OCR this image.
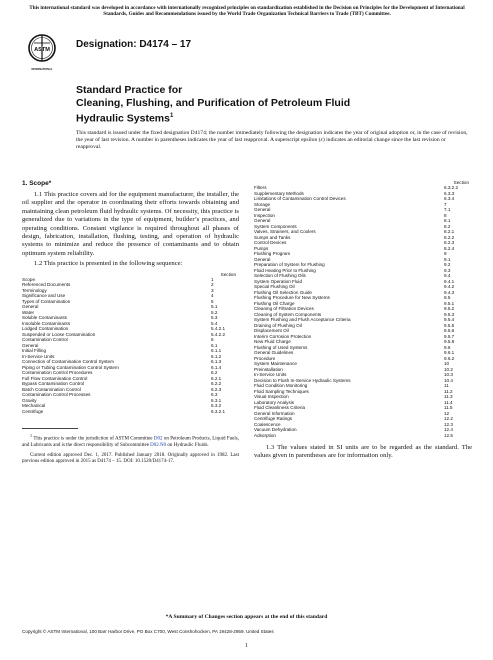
This international standard was developed in accordance with internationally recognized principles on standardization established in the Decision on Principles for the Development of International Standards, Guides and Recommendations issued by the World Trade Organization Technical Barriers to Trade (TBT) Committee.
ASTM
INTERNATIONAL
Designation: D4174 – 17
Standard Practice for
Cleaning, Flushing, and Purification of Petroleum Fluid
Hydraulic Systems$^1$
This standard is issued under the fixed designation D4174; the number immediately following the designation indicates the year of original adoption or, in the case of revision, the year of last revision. A number in parentheses indicates the year of last reapproval. A superscript epsilon (ε) indicates an editorial change since the last revision or reapproval.
1. Scope*
1.1 This practice covers aid for the equipment manufacturer, the installer, the oil supplier and the operator in coordinating their efforts towards obtaining and maintaining clean petroleum fluid hydraulic systems. Of necessity, this practice is generalized due to variations in the type of equipment, builder’s practices, and operating conditions. Constant vigilance is required throughout all phases of design, fabrication, installation, flushing, testing, and operation of hydraulic systems to minimize and reduce the presence of contaminants and to obtain optimum system reliability.
1.2 This practice is presented in the following sequence:
Section
Scope	1
Referenced Documents	2
Terminology	3
Significance and Use	4
Types of Contamination	5
General	5.1
Water	5.2
Soluble Contaminants	5.3
Insoluble Contaminants	5.4
Lodged Contamination	5.4.2.1
Suspended or Loose Contamination	5.4.2.2
Contamination Control	6
General	6.1
Initial Filling	6.1.1
In-Service Units	6.1.2
Connection of Contamination Control System	6.1.3
Piping or Tubing Contamination Control System	6.1.4
Contamination Control Procedures	6.2
Full Flow Contamination Control	6.2.1
Bypass Contamination Control	6.2.2
Batch Contamination Control	6.2.3
Contamination Control Processes	6.3
Gravity	6.3.1
Mechanical	6.3.2
Centrifuge	6.3.2.1
$^1$ This practice is under the jurisdiction of ASTM Committee D02 on Petroleum Products, Liquid Fuels, and Lubricants and is the direct responsibility of Subcommittee D02.N0 on Hydraulic Fluids.
Current edition approved Dec. 1, 2017. Published January 2018. Originally approved in 1982. Last previous edition approved in 2015 as D4174 – 15. DOI: 10.1520/D4174-17.
Section
Filters	6.3.2.2
Supplementary Methods	6.3.3
Limitations of Contamination Control Devices	6.3.4
Storage	7
General	7.1
Inspection	8
General	8.1
System Components	8.2
Valves, Strainers, and Coolers	8.2.1
Sumps and Tanks	8.2.2
Control Devices	8.2.3
Pumps	8.2.4
Flushing Program	9
General	9.1
Preparation of System for Flushing	9.2
Fluid Heating Prior to Flushing	9.3
Selection of Flushing Oils	9.4
System Operation Fluid	9.4.1
Special Flushing Oil	9.4.2
Flushing Oil Selection Guide	9.4.3
Flushing Procedure for New Systems	9.5
Flushing Oil Charge	9.5.1
Cleaning of Filtration Devices	9.5.2
Cleaning of System Components	9.5.3
System Flushing and Flush Acceptance Criteria	9.5.4
Draining of Flushing Oil	9.5.5
Displacement Oil	9.5.6
Interim Corrosion Protection	9.5.7
New Fluid Charge	9.5.8
Flushing of Used Systems	9.6
General Guidelines	9.6.1
Procedure	9.6.2
System Maintenance	10
Preinstallation	10.2
In-Service Units	10.3
Decision to Flush In-Service Hydraulic Systems	10.4
Fluid Condition Monitoring	11
Fluid Sampling Techniques	11.2
Visual Inspection	11.3
Laboratory Analysis	11.4
Fluid Cleanliness Criteria	11.5
General Information	12
Centrifuge Ratings	12.2
Coalescence	12.3
Vacuum Dehydration	12.4
Adsorption	12.5
1.3 The values stated in SI units are to be regarded as the standard. The values given in parentheses are for information only.
*A Summary of Changes section appears at the end of this standard
Copyright © ASTM International, 100 Barr Harbor Drive, PO Box C700, West Conshohocken, PA 19428-2959. United States
1
